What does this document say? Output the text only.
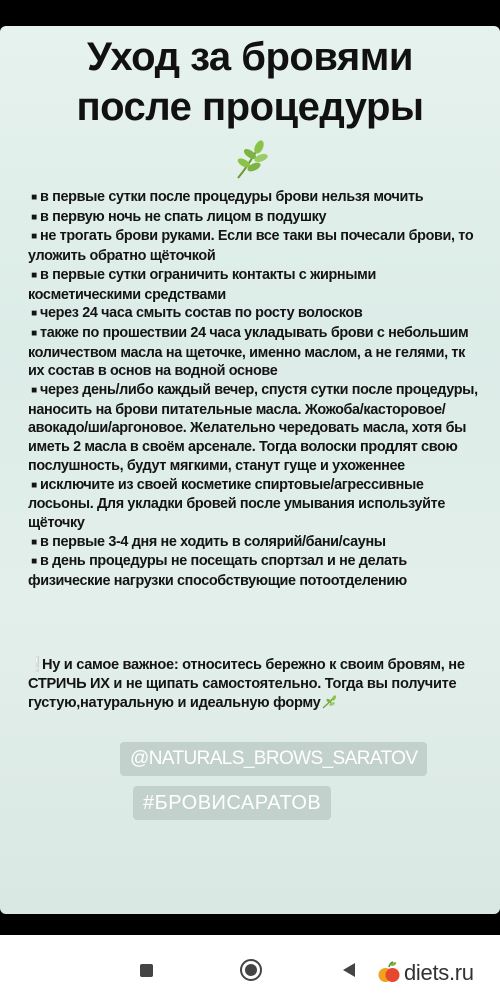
Уход за бровями
после процедуры
■ в первые сутки после процедуры брови нельзя мочить
■ в первую ночь не спать лицом в подушку
■ не трогать брови руками. Если все таки вы почесали брови, то уложить обратно щёточкой
■ в первые сутки ограничить контакты с жирными косметическими средствами
■ через 24 часа смыть состав по росту волосков
■ также по прошествии 24 часа укладывать брови с небольшим количеством масла на щеточке, именно маслом, а не гелями, тк их состав в основ на водной основе
■ через день/либо каждый вечер, спустя сутки после процедуры, наносить на брови питательные масла. Жожоба/касторовое/авокадо/ши/аргоновое. Желательно чередовать масла, хотя бы иметь 2 масла в своём арсенале. Тогда волоски продлят свою послушность, будут мягкими, станут гуще и ухоженнее
■ исключите из своей косметике спиртовые/агрессивные лосьоны. Для укладки бровей после умывания используйте щёточку
■ в первые 3-4 дня не ходить в солярий/бани/сауны
■ в день процедуры не посещать спортзал и не делать физические нагрузки способствующие потоотделению
❕Ну и самое важное: относитесь бережно к своим бровям, не СТРИЧЬ ИХ и не щипать самостоятельно. Тогда вы получите густую,натуральную и идеальную форму
@NATURALS_BROWS_SARATOV
#БРОВИСАРАТОВ
diets.ru
